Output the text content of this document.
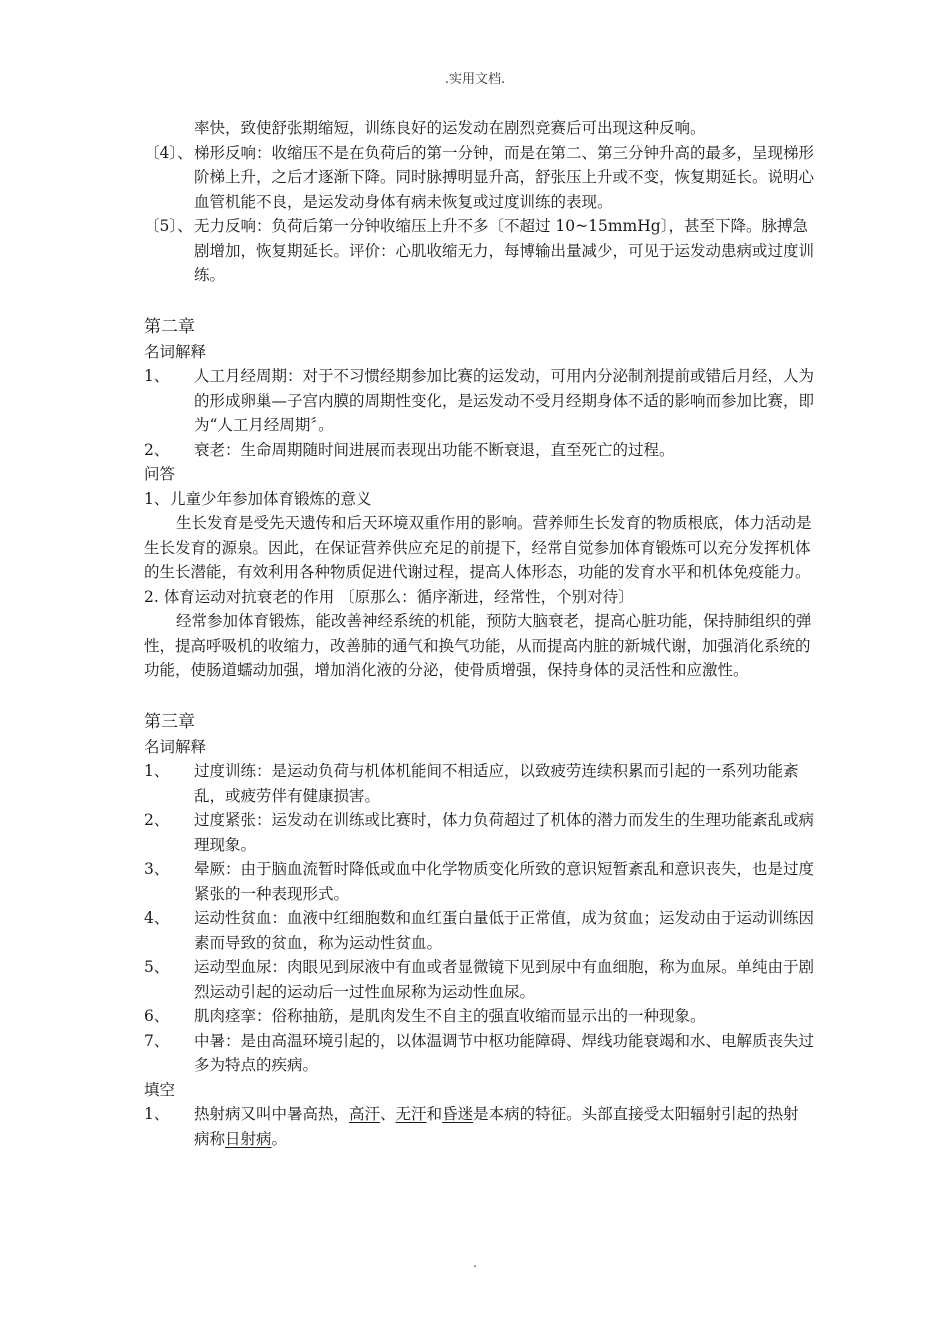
.实用文档.
率快，致使舒张期缩短，训练良好的运发动在剧烈竞赛后可出现这种反响。
〔4〕、 梯形反响：收缩压不是在负荷后的第一分钟，而是在第二、第三分钟升高的最多，呈现梯形阶梯上升，之后才逐渐下降。同时脉搏明显升高，舒张压上升或不变，恢复期延长。说明心血管机能不良，是运发动身体有病未恢复或过度训练的表现。
〔5〕、 无力反响：负荷后第一分钟收缩压上升不多〔不超过 10~15mmHg〕，甚至下降。脉搏急剧增加，恢复期延长。评价：心肌收缩无力，每博输出量减少，可见于运发动患病或过度训练。
第二章
名词解释
1、 人工月经周期：对于不习惯经期参加比赛的运发动，可用内分泌制剂提前或错后月经，人为的形成卵巢—子宫内膜的周期性变化，是运发动不受月经期身体不适的影响而参加比赛，即为“人工月经周期〞。
2、 衰老：生命周期随时间进展而表现出功能不断衰退，直至死亡的过程。
问答
1、 儿童少年参加体育锻炼的意义
生长发育是受先天遗传和后天环境双重作用的影响。营养师生长发育的物质根底，体力活动是生长发育的源泉。因此，在保证营养供应充足的前提下，经常自觉参加体育锻炼可以充分发挥机体的生长潜能，有效利用各种物质促进代谢过程，提高人体形态，功能的发育水平和机体免疫能力。
2. 体育运动对抗衰老的作用 〔原那么：循序渐进，经常性，个别对待〕
经常参加体育锻炼，能改善神经系统的机能，预防大脑衰老，提高心脏功能，保持肺组织的弹性，提高呼吸机的收缩力，改善肺的通气和换气功能，从而提高内脏的新城代谢，加强消化系统的功能，使肠道蠕动加强，增加消化液的分泌，使骨质增强，保持身体的灵活性和应激性。
第三章
名词解释
1、 过度训练：是运动负荷与机体机能间不相适应，以致疲劳连续积累而引起的一系列功能紊乱，或疲劳伴有健康损害。
2、 过度紧张：运发动在训练或比赛时，体力负荷超过了机体的潜力而发生的生理功能紊乱或病理现象。
3、 晕厥：由于脑血流暂时降低或血中化学物质变化所致的意识短暂紊乱和意识丧失，也是过度紧张的一种表现形式。
4、 运动性贫血：血液中红细胞数和血红蛋白量低于正常值，成为贫血；运发动由于运动训练因素而导致的贫血，称为运动性贫血。
5、 运动型血尿：肉眼见到尿液中有血或者显微镜下见到尿中有血细胞，称为血尿。单纯由于剧烈运动引起的运动后一过性血尿称为运动性血尿。
6、 肌肉痉挛：俗称抽筋，是肌肉发生不自主的强直收缩而显示出的一种现象。
7、 中暑：是由高温环境引起的，以体温调节中枢功能障碍、焊线功能衰竭和水、电解质丧失过多为特点的疾病。
填空
1、 热射病又叫中暑高热，高汗、无汗和昏迷是本病的特征。头部直接受太阳辐射引起的热射病称日射病。
.
